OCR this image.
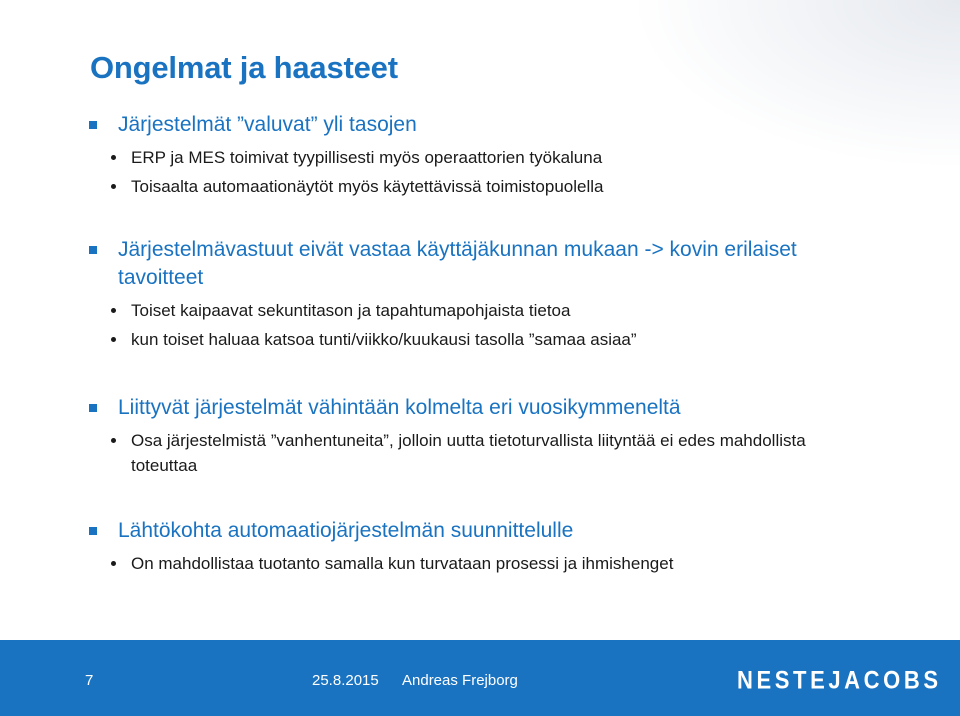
Ongelmat ja haasteet
Järjestelmät ”valuvat” yli tasojen
ERP ja MES toimivat tyypillisesti myös operaattorien työkaluna
Toisaalta automaationäytöt myös käytettävissä toimistopuolella
Järjestelmävastuut eivät vastaa käyttäjäkunnan mukaan -> kovin erilaiset tavoitteet
Toiset kaipaavat sekuntitason ja tapahtumapohjaista tietoa
kun toiset haluaa katsoa tunti/viikko/kuukausi tasolla ”samaa asiaa”
Liittyvät järjestelmät vähintään kolmelta eri vuosikymmeneltä
Osa järjestelmistä ”vanhentuneita”, jolloin uutta tietoturvallista liityntää ei edes mahdollista toteuttaa
Lähtökohta automaatiojärjestelmän suunnittelulle
On mahdollistaa tuotanto samalla kun turvataan prosessi ja ihmishenget
7	25.8.2015 Andreas Frejborg	NESTEJACOBS
